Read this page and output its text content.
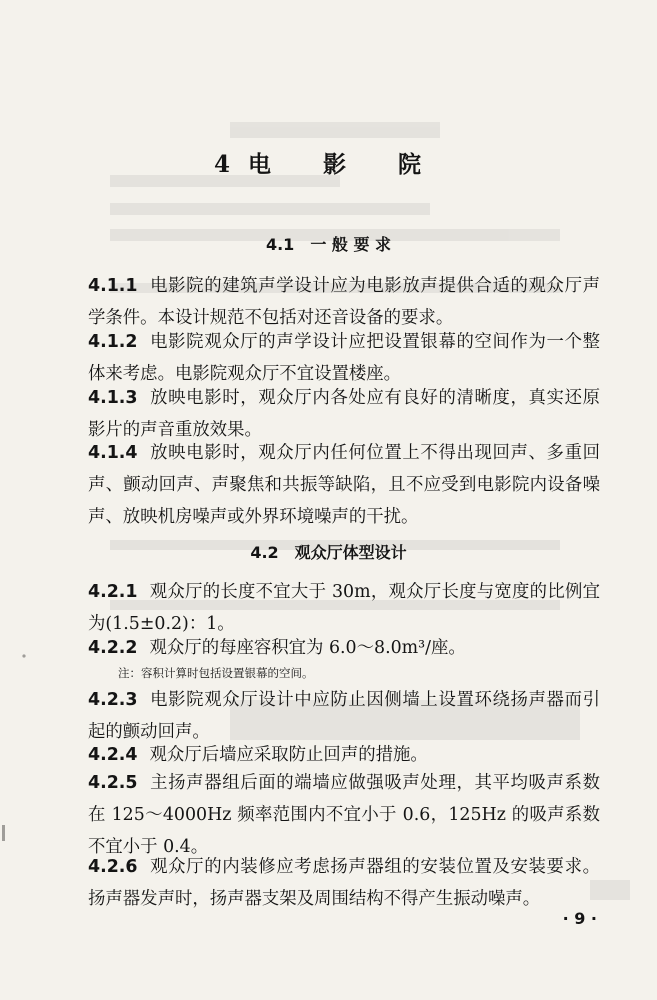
4 电 影 院
4.1 一 般 要 求
4.1.1 电影院的建筑声学设计应为电影放声提供合适的观众厅声学条件。本设计规范不包括对还音设备的要求。
4.1.2 电影院观众厅的声学设计应把设置银幕的空间作为一个整体来考虑。电影院观众厅不宜设置楼座。
4.1.3 放映电影时，观众厅内各处应有良好的清晰度，真实还原影片的声音重放效果。
4.1.4 放映电影时，观众厅内任何位置上不得出现回声、多重回声、颤动回声、声聚焦和共振等缺陷，且不应受到电影院内设备噪声、放映机房噪声或外界环境噪声的干扰。
4.2 观众厅体型设计
4.2.1 观众厅的长度不宜大于 30m，观众厅长度与宽度的比例宜为(1.5±0.2)：1。
4.2.2 观众厅的每座容积宜为 6.0～8.0m³/座。
注：容积计算时包括设置银幕的空间。
4.2.3 电影院观众厅设计中应防止因侧墙上设置环绕扬声器而引起的颤动回声。
4.2.4 观众厅后墙应采取防止回声的措施。
4.2.5 主扬声器组后面的端墙应做强吸声处理，其平均吸声系数在 125～4000Hz 频率范围内不宜小于 0.6，125Hz 的吸声系数不宜小于 0.4。
4.2.6 观众厅的内装修应考虑扬声器组的安装位置及安装要求。扬声器发声时，扬声器支架及周围结构不得产生振动噪声。
· 9 ·
